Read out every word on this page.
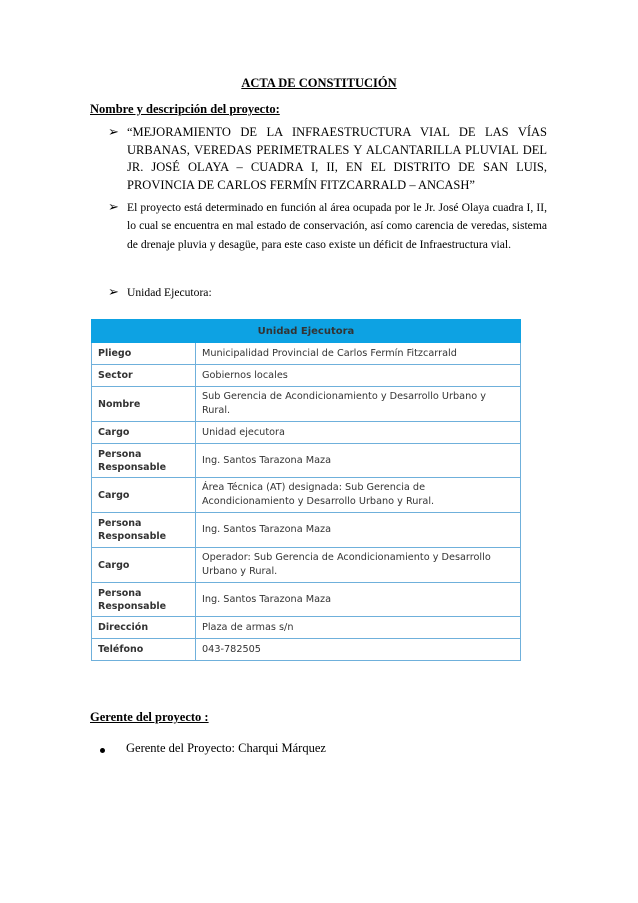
ACTA DE CONSTITUCIÓN
Nombre y descripción del proyecto:
➢ “MEJORAMIENTO DE LA INFRAESTRUCTURA VIAL DE LAS VÍAS URBANAS, VEREDAS PERIMETRALES Y ALCANTARILLA PLUVIAL DEL JR. JOSÉ OLAYA – CUADRA I, II, EN EL DISTRITO DE SAN LUIS, PROVINCIA DE CARLOS FERMÍN FITZCARRALD – ANCASH”
➢ El proyecto está determinado en función al área ocupada por le Jr. José Olaya cuadra I, II, lo cual se encuentra en mal estado de conservación, así como carencia de veredas, sistema de drenaje pluvia y desagüe, para este caso existe un déficit de Infraestructura vial.
➢ Unidad Ejecutora:
Unidad Ejecutora	
Pliego	Municipalidad Provincial de Carlos Fermín Fitzcarrald
Sector	Gobiernos locales
Nombre	Sub Gerencia de Acondicionamiento y Desarrollo Urbano y Rural.
Cargo	Unidad ejecutora
Persona Responsable	Ing. Santos Tarazona Maza
Cargo	Área Técnica (AT) designada: Sub Gerencia de Acondicionamiento y Desarrollo Urbano y Rural.
Persona Responsable	Ing. Santos Tarazona Maza
Cargo	Operador: Sub Gerencia de Acondicionamiento y Desarrollo Urbano y Rural.
Persona Responsable	Ing. Santos Tarazona Maza
Dirección	Plaza de armas s/n
Teléfono	043-782505
Gerente del proyecto :
Gerente del Proyecto: Charqui Márquez
